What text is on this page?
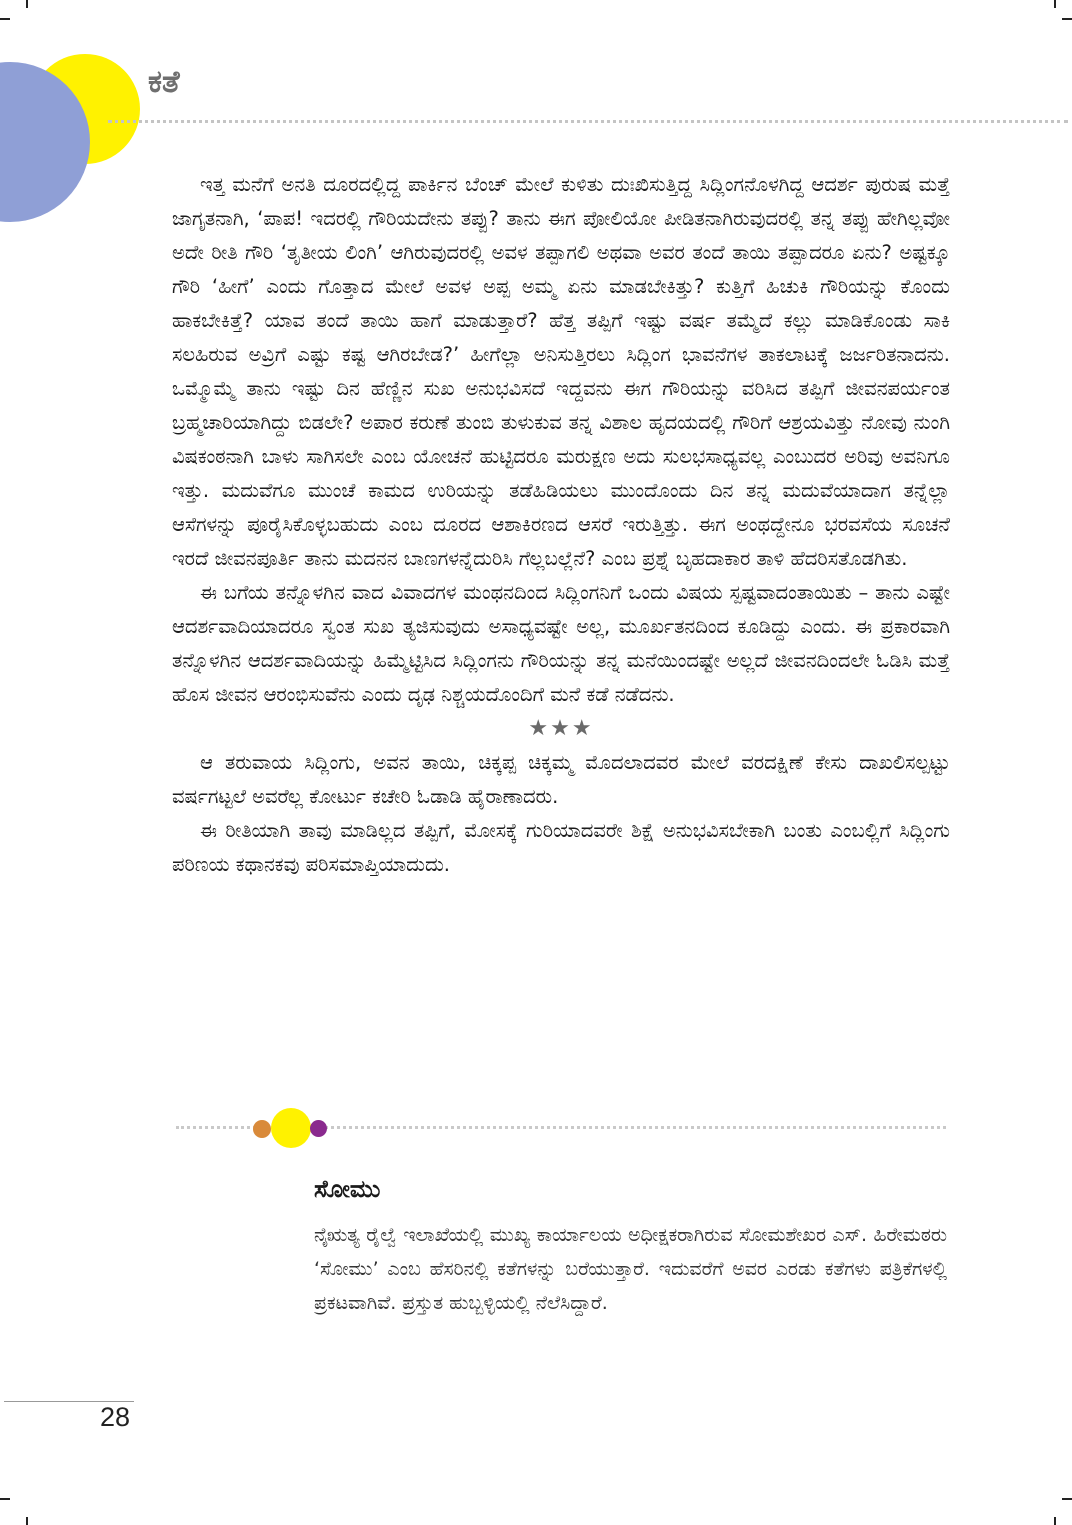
ಕತೆ

ಇತ್ತ ಮನೆಗೆ ಅನತಿ ದೂರದಲ್ಲಿದ್ದ ಪಾರ್ಕಿನ ಬೆಂಚ್ ಮೇಲೆ ಕುಳಿತು ದುಃಖಿಸುತ್ತಿದ್ದ ಸಿದ್ಲಿಂಗನೊಳಗಿದ್ದ ಆದರ್ಶ ಪುರುಷ ಮತ್ತೆ ಜಾಗೃತನಾಗಿ, ‘ಪಾಪ! ಇದರಲ್ಲಿ ಗೌರಿಯದೇನು ತಪ್ಪು? ತಾನು ಈಗ ಪೋಲಿಯೋ ಪೀಡಿತನಾಗಿರುವುದರಲ್ಲಿ ತನ್ನ ತಪ್ಪು ಹೇಗಿಲ್ಲವೋ ಅದೇ ರೀತಿ ಗೌರಿ ‘ತೃತೀಯ ಲಿಂಗಿ’ ಆಗಿರುವುದರಲ್ಲಿ ಅವಳ ತಪ್ಪಾಗಲಿ ಅಥವಾ ಅವರ ತಂದೆ ತಾಯಿ ತಪ್ಪಾದರೂ ಏನು? ಅಷ್ಟಕ್ಕೂ ಗೌರಿ ‘ಹೀಗೆ’ ಎಂದು ಗೊತ್ತಾದ ಮೇಲೆ ಅವಳ ಅಪ್ಪ ಅಮ್ಮ ಏನು ಮಾಡಬೇಕಿತ್ತು? ಕುತ್ತಿಗೆ ಹಿಚುಕಿ ಗೌರಿಯನ್ನು ಕೊಂದು ಹಾಕಬೇಕಿತ್ತೆ? ಯಾವ ತಂದೆ ತಾಯಿ ಹಾಗೆ ಮಾಡುತ್ತಾರೆ? ಹೆತ್ತ ತಪ್ಪಿಗೆ ಇಷ್ಟು ವರ್ಷ ತಮ್ಮೆದೆ ಕಲ್ಲು ಮಾಡಿಕೊಂಡು ಸಾಕಿ ಸಲಹಿರುವ ಅವ್ರಿಗೆ ಎಷ್ಟು ಕಷ್ಟ ಆಗಿರಬೇಡ?’ ಹೀಗೆಲ್ಲಾ ಅನಿಸುತ್ತಿರಲು ಸಿದ್ಲಿಂಗ ಭಾವನೆಗಳ ತಾಕಲಾಟಕ್ಕೆ ಜರ್ಜರಿತನಾದನು. ಒಮ್ಮೊಮ್ಮೆ ತಾನು ಇಷ್ಟು ದಿನ ಹೆಣ್ಣಿನ ಸುಖ ಅನುಭವಿಸದೆ ಇದ್ದವನು ಈಗ ಗೌರಿಯನ್ನು ವರಿಸಿದ ತಪ್ಪಿಗೆ ಜೀವನಪರ್ಯಂತ ಬ್ರಹ್ಮಚಾರಿಯಾಗಿದ್ದು ಬಿಡಲೇ? ಅಪಾರ ಕರುಣೆ ತುಂಬಿ ತುಳುಕುವ ತನ್ನ ವಿಶಾಲ ಹೃದಯದಲ್ಲಿ ಗೌರಿಗೆ ಆಶ್ರಯವಿತ್ತು ನೋವು ನುಂಗಿ ವಿಷಕಂಠನಾಗಿ ಬಾಳು ಸಾಗಿಸಲೇ ಎಂಬ ಯೋಚನೆ ಹುಟ್ಟಿದರೂ ಮರುಕ್ಷಣ ಅದು ಸುಲಭಸಾಧ್ಯವಲ್ಲ ಎಂಬುದರ ಅರಿವು ಅವನಿಗೂ ಇತ್ತು. ಮದುವೆಗೂ ಮುಂಚೆ ಕಾಮದ ಉರಿಯನ್ನು ತಡೆಹಿಡಿಯಲು ಮುಂದೊಂದು ದಿನ ತನ್ನ ಮದುವೆಯಾದಾಗ ತನ್ನೆಲ್ಲಾ ಆಸೆಗಳನ್ನು ಪೂರೈಸಿಕೊಳ್ಳಬಹುದು ಎಂಬ ದೂರದ ಆಶಾಕಿರಣದ ಆಸರೆ ಇರುತ್ತಿತ್ತು. ಈಗ ಅಂಥದ್ದೇನೂ ಭರವಸೆಯ ಸೂಚನೆ ಇರದೆ ಜೀವನಪೂರ್ತಿ ತಾನು ಮದನನ ಬಾಣಗಳನ್ನೆದುರಿಸಿ ಗೆಲ್ಲಬಲ್ಲೆನೆ? ಎಂಬ ಪ್ರಶ್ನೆ ಬೃಹದಾಕಾರ ತಾಳಿ ಹೆದರಿಸತೊಡಗಿತು.

ಈ ಬಗೆಯ ತನ್ನೊಳಗಿನ ವಾದ ವಿವಾದಗಳ ಮಂಥನದಿಂದ ಸಿದ್ಲಿಂಗನಿಗೆ ಒಂದು ವಿಷಯ ಸ್ಪಷ್ಟವಾದಂತಾಯಿತು – ತಾನು ಎಷ್ಟೇ ಆದರ್ಶವಾದಿಯಾದರೂ ಸ್ವಂತ ಸುಖ ತ್ಯಜಿಸುವುದು ಅಸಾಧ್ಯವಷ್ಟೇ ಅಲ್ಲ, ಮೂರ್ಖತನದಿಂದ ಕೂಡಿದ್ದು ಎಂದು. ಈ ಪ್ರಕಾರವಾಗಿ ತನ್ನೊಳಗಿನ ಆದರ್ಶವಾದಿಯನ್ನು ಹಿಮ್ಮೆಟ್ಟಿಸಿದ ಸಿದ್ಲಿಂಗನು ಗೌರಿಯನ್ನು ತನ್ನ ಮನೆಯಿಂದಷ್ಟೇ ಅಲ್ಲದೆ ಜೀವನದಿಂದಲೇ ಓಡಿಸಿ ಮತ್ತೆ ಹೊಸ ಜೀವನ ಆರಂಭಿಸುವೆನು ಎಂದು ದೃಢ ನಿಶ್ಚಯದೊಂದಿಗೆ ಮನೆ ಕಡೆ ನಡೆದನು.

★★★

ಆ ತರುವಾಯ ಸಿದ್ಲಿಂಗು, ಅವನ ತಾಯಿ, ಚಿಕ್ಕಪ್ಪ ಚಿಕ್ಕಮ್ಮ ಮೊದಲಾದವರ ಮೇಲೆ ವರದಕ್ಷಿಣೆ ಕೇಸು ದಾಖಲಿಸಲ್ಪಟ್ಟು ವರ್ಷಗಟ್ಟಲೆ ಅವರೆಲ್ಲ ಕೋರ್ಟು ಕಚೇರಿ ಓಡಾಡಿ ಹೈರಾಣಾದರು.

ಈ ರೀತಿಯಾಗಿ ತಾವು ಮಾಡಿಲ್ಲದ ತಪ್ಪಿಗೆ, ಮೋಸಕ್ಕೆ ಗುರಿಯಾದವರೇ ಶಿಕ್ಷೆ ಅನುಭವಿಸಬೇಕಾಗಿ ಬಂತು ಎಂಬಲ್ಲಿಗೆ ಸಿದ್ಲಿಂಗು ಪರಿಣಯ ಕಥಾನಕವು ಪರಿಸಮಾಪ್ತಿಯಾದುದು.

ಸೋಮು
ನೈಋತ್ಯ ರೈಲ್ವೆ ಇಲಾಖೆಯಲ್ಲಿ ಮುಖ್ಯ ಕಾರ್ಯಾಲಯ ಅಧೀಕ್ಷಕರಾಗಿರುವ ಸೋಮಶೇಖರ ಎಸ್. ಹಿರೇಮಠರು ‘ಸೋಮು’ ಎಂಬ ಹೆಸರಿನಲ್ಲಿ ಕತೆಗಳನ್ನು ಬರೆಯುತ್ತಾರೆ. ಇದುವರೆಗೆ ಅವರ ಎರಡು ಕತೆಗಳು ಪತ್ರಿಕೆಗಳಲ್ಲಿ ಪ್ರಕಟವಾಗಿವೆ. ಪ್ರಸ್ತುತ ಹುಬ್ಬಳ್ಳಿಯಲ್ಲಿ ನೆಲೆಸಿದ್ದಾರೆ.
28
